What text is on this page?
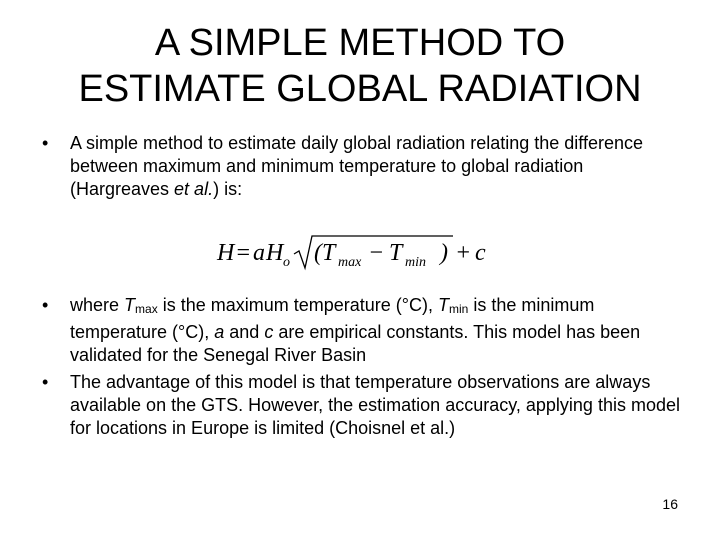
A SIMPLE METHOD TO
ESTIMATE GLOBAL RADIATION
• A simple method to estimate daily global radiation relating the difference between maximum and minimum temperature to global radiation (Hargreaves et al.) is:
H = a H o ( T max − T min ) + c
• where $T_{max}$ is the maximum temperature (°C), $T_{min}$ is the minimum temperature (°C), a and c are empirical constants. This model has been validated for the Senegal River Basin
• The advantage of this model is that temperature observations are always available on the GTS. However, the estimation accuracy, applying this model for locations in Europe is limited (Choisnel et al.)
16
